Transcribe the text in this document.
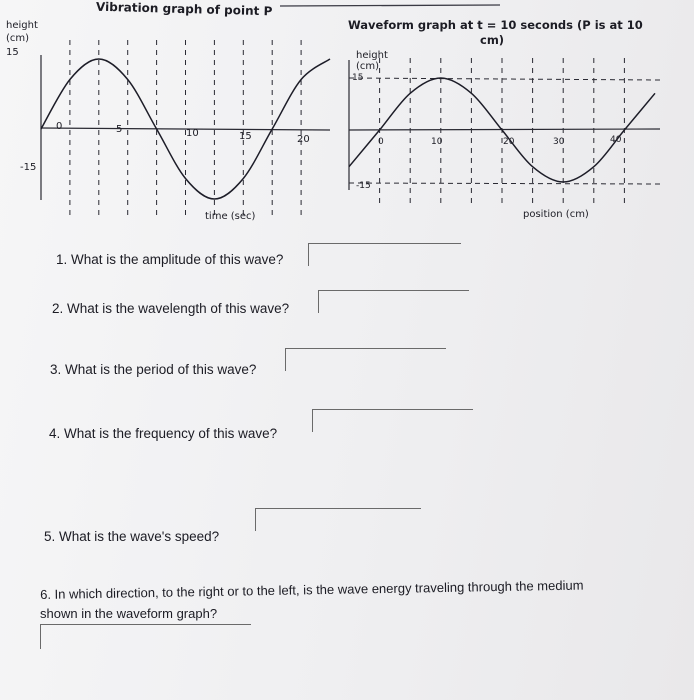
Vibration graph of point P
height
(cm)
15
-15
0	5	10	15	20
time (sec)
Waveform graph at t = 10 seconds (P is at 10
cm)
height
(cm)
15
-15
0	10	20	30	40
position (cm)
1. What is the amplitude of this wave?
2. What is the wavelength of this wave?
3. What is the period of this wave?
4. What is the frequency of this wave?
5. What is the wave's speed?
6. In which direction, to the right or to the left, is the wave energy traveling through the medium
shown in the waveform graph?
